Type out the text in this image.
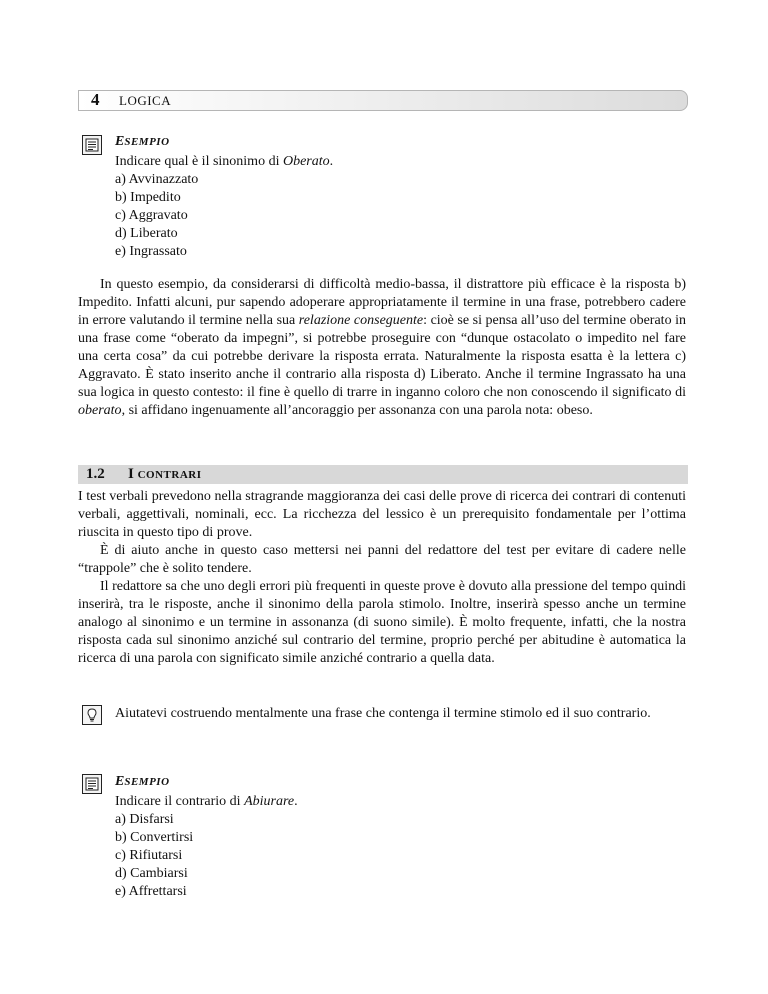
4 LOGICA
ESEMPIO
Indicare qual è il sinonimo di Oberato.
a) Avvinazzato
b) Impedito
c) Aggravato
d) Liberato
e) Ingrassato

In questo esempio, da considerarsi di difficoltà medio-bassa, il distrattore più efficace è la risposta b) Impedito. Infatti alcuni, pur sapendo adoperare appropriatamente il termine in una frase, potrebbero cadere in errore valutando il termine nella sua relazione conseguente: cioè se si pensa all’uso del termine oberato in una frase come “oberato da impegni”, si potrebbe proseguire con “dunque ostacolato o impedito nel fare una certa cosa” da cui potrebbe derivare la risposta errata. Naturalmente la risposta esatta è la lettera c) Aggravato. È stato inserito anche il contrario alla risposta d) Liberato. Anche il termine Ingrassato ha una sua logica in questo contesto: il fine è quello di trarre in inganno coloro che non conoscendo il significato di oberato, si affidano ingenuamente all’ancoraggio per assonanza con una parola nota: obeso.

1.2 I CONTRARI

I test verbali prevedono nella stragrande maggioranza dei casi delle prove di ricerca dei contrari di contenuti verbali, aggettivali, nominali, ecc. La ricchezza del lessico è un prerequisito fondamentale per l’ottima riuscita in questo tipo di prove.

È di aiuto anche in questo caso mettersi nei panni del redattore del test per evitare di cadere nelle “trappole” che è solito tendere.

Il redattore sa che uno degli errori più frequenti in queste prove è dovuto alla pressione del tempo quindi inserirà, tra le risposte, anche il sinonimo della parola stimolo. Inoltre, inserirà spesso anche un termine analogo al sinonimo e un termine in assonanza (di suono simile). È molto frequente, infatti, che la nostra risposta cada sul sinonimo anziché sul contrario del termine, proprio perché per abitudine è automatica la ricerca di una parola con significato simile anziché contrario a quella data.

Aiutatevi costruendo mentalmente una frase che contenga il termine stimolo ed il suo contrario.
ESEMPIO
Indicare il contrario di Abiurare.
a) Disfarsi
b) Convertirsi
c) Rifiutarsi
d) Cambiarsi
e) Affrettarsi
